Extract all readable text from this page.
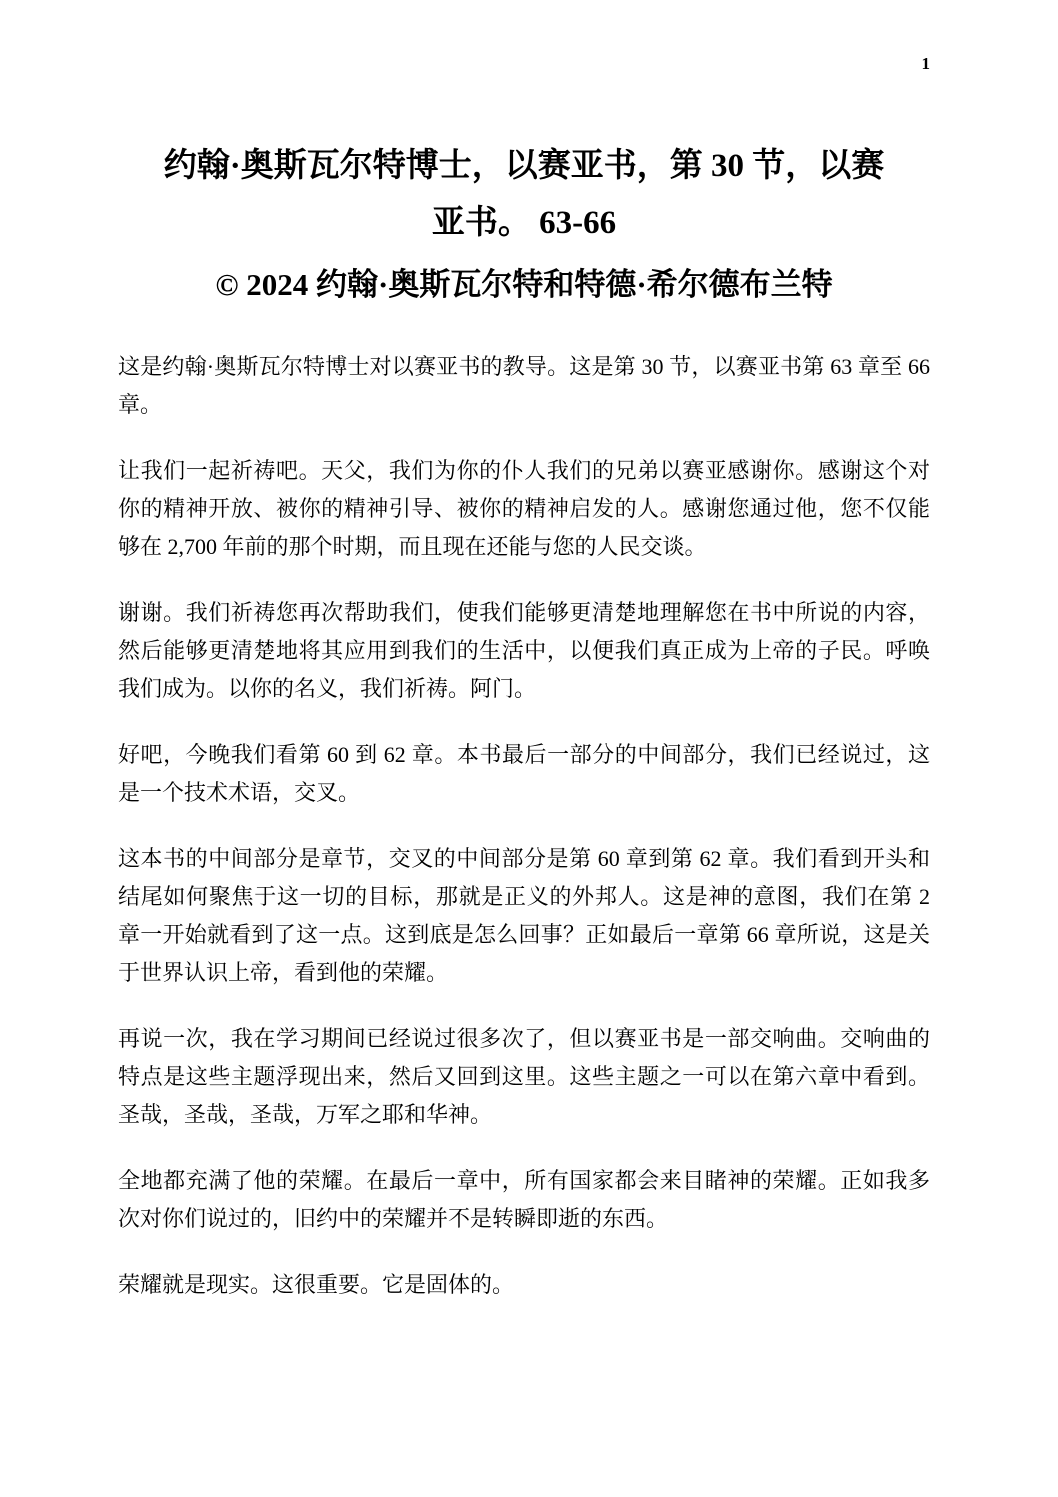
1
约翰·奥斯瓦尔特博士，以赛亚书，第 30 节，以赛
亚书。 63-66
© 2024 约翰·奥斯瓦尔特和特德·希尔德布兰特

这是约翰·奥斯瓦尔特博士对以赛亚书的教导。这是第 30 节，以赛亚书第 63 章至 66 章。

让我们一起祈祷吧。天父，我们为你的仆人我们的兄弟以赛亚感谢你。感谢这个对你的精神开放、被你的精神引导、被你的精神启发的人。感谢您通过他，您不仅能够在 2,700 年前的那个时期，而且现在还能与您的人民交谈。

谢谢。我们祈祷您再次帮助我们，使我们能够更清楚地理解您在书中所说的内容，然后能够更清楚地将其应用到我们的生活中，以便我们真正成为上帝的子民。呼唤我们成为。以你的名义，我们祈祷。阿门。

好吧，今晚我们看第 60 到 62 章。本书最后一部分的中间部分，我们已经说过，这是一个技术术语，交叉。

这本书的中间部分是章节，交叉的中间部分是第 60 章到第 62 章。我们看到开头和结尾如何聚焦于这一切的目标，那就是正义的外邦人。这是神的意图，我们在第 2 章一开始就看到了这一点。这到底是怎么回事？正如最后一章第 66 章所说，这是关于世界认识上帝，看到他的荣耀。

再说一次，我在学习期间已经说过很多次了，但以赛亚书是一部交响曲。交响曲的特点是这些主题浮现出来，然后又回到这里。这些主题之一可以在第六章中看到。圣哉，圣哉，圣哉，万军之耶和华神。

全地都充满了他的荣耀。在最后一章中，所有国家都会来目睹神的荣耀。正如我多次对你们说过的，旧约中的荣耀并不是转瞬即逝的东西。

荣耀就是现实。这很重要。它是固体的。
